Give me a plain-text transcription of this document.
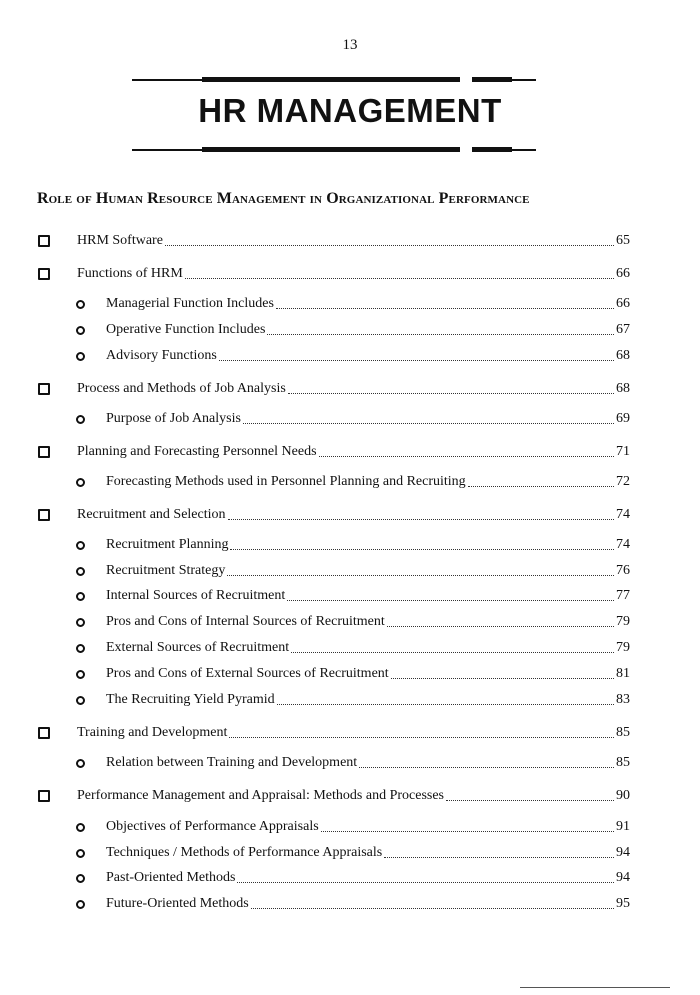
13
HR MANAGEMENT
Role of Human Resource Management in Organizational Performance
HRM Software	65
Functions of HRM	66
Managerial Function Includes	66
Operative Function Includes	67
Advisory Functions	68
Process and Methods of Job Analysis	68
Purpose of Job Analysis	69
Planning and Forecasting Personnel Needs	71
Forecasting Methods used in Personnel Planning and Recruiting	72
Recruitment and Selection	74
Recruitment Planning	74
Recruitment Strategy	76
Internal Sources of Recruitment	77
Pros and Cons of Internal Sources of Recruitment	79
External Sources of Recruitment	79
Pros and Cons of External Sources of Recruitment	81
The Recruiting Yield Pyramid	83
Training and Development	85
Relation between Training and Development	85
Performance Management and Appraisal: Methods and Processes	90
Objectives of Performance Appraisals	91
Techniques / Methods of Performance Appraisals	94
Past-Oriented Methods	94
Future-Oriented Methods	95
